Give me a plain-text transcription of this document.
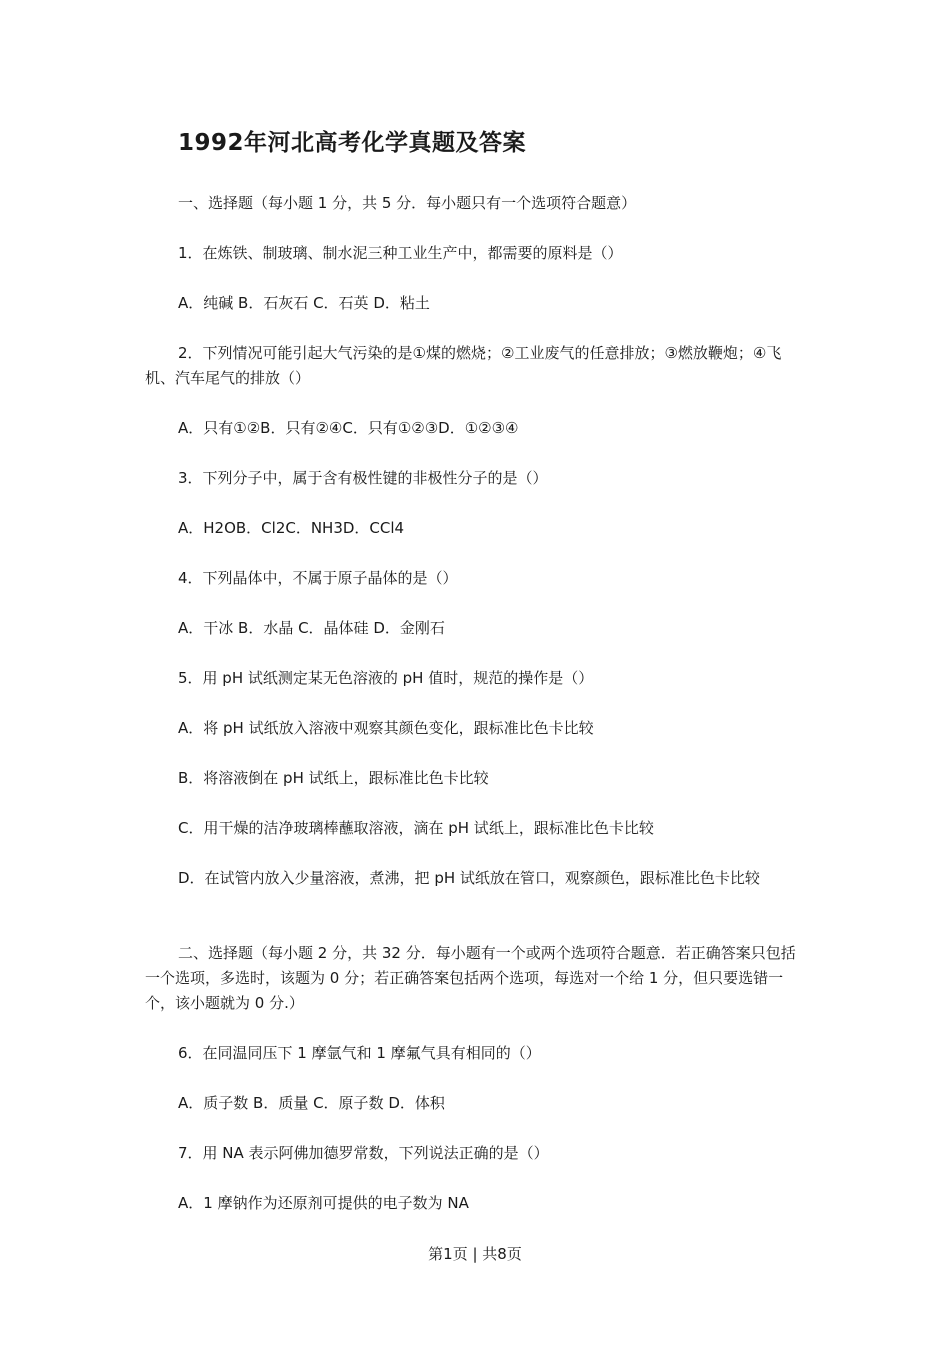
1992年河北高考化学真题及答案
一、选择题（每小题 1 分，共 5 分．每小题只有一个选项符合题意）
1．在炼铁、制玻璃、制水泥三种工业生产中，都需要的原料是（）
A．纯碱 B．石灰石 C．石英 D．粘土
2．下列情况可能引起大气污染的是①煤的燃烧；②工业废气的任意排放；③燃放鞭炮；④飞机、汽车尾气的排放（）
A．只有①②B．只有②④C．只有①②③D．①②③④
3．下列分子中，属于含有极性键的非极性分子的是（）
A．H2OB．Cl2C．NH3D．CCl4
4．下列晶体中，不属于原子晶体的是（）
A．干冰 B．水晶 C．晶体硅 D．金刚石
5．用 pH 试纸测定某无色溶液的 pH 值时，规范的操作是（）
A．将 pH 试纸放入溶液中观察其颜色变化，跟标准比色卡比较
B．将溶液倒在 pH 试纸上，跟标准比色卡比较
C．用干燥的洁净玻璃棒蘸取溶液，滴在 pH 试纸上，跟标准比色卡比较
D．在试管内放入少量溶液，煮沸，把 pH 试纸放在管口，观察颜色，跟标准比色卡比较
二、选择题（每小题 2 分，共 32 分．每小题有一个或两个选项符合题意．若正确答案只包括一个选项，多选时，该题为 0 分；若正确答案包括两个选项，每选对一个给 1 分，但只要选错一个，该小题就为 0 分.）
6．在同温同压下 1 摩氩气和 1 摩氟气具有相同的（）
A．质子数 B．质量 C．原子数 D．体积
7．用 NA 表示阿佛加德罗常数，下列说法正确的是（）
A．1 摩钠作为还原剂可提供的电子数为 NA
第1页 | 共8页
